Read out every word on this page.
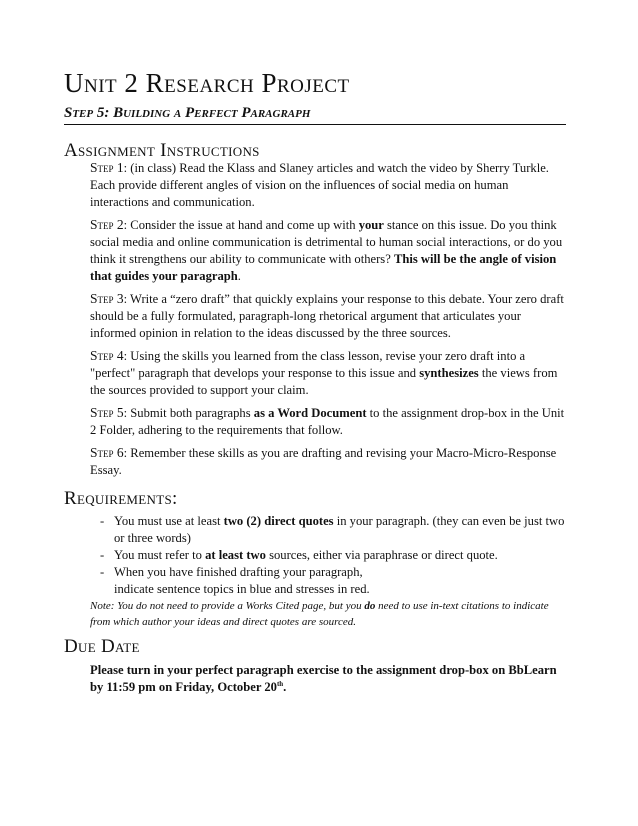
Unit 2 Research Project
Step 5: Building a Perfect Paragraph
Assignment Instructions

Step 1: (in class) Read the Klass and Slaney articles and watch the video by Sherry Turkle. Each provide different angles of vision on the influences of social media on human interactions and communication.

Step 2: Consider the issue at hand and come up with your stance on this issue. Do you think social media and online communication is detrimental to human social interactions, or do you think it strengthens our ability to communicate with others? This will be the angle of vision that guides your paragraph.

Step 3: Write a “zero draft” that quickly explains your response to this debate. Your zero draft should be a fully formulated, paragraph-long rhetorical argument that articulates your informed opinion in relation to the ideas discussed by the three sources.

Step 4: Using the skills you learned from the class lesson, revise your zero draft into a "perfect" paragraph that develops your response to this issue and synthesizes the views from the sources provided to support your claim.

Step 5: Submit both paragraphs as a Word Document to the assignment drop-box in the Unit 2 Folder, adhering to the requirements that follow.

Step 6: Remember these skills as you are drafting and revising your Macro-Micro-Response Essay.

Requirements:
- You must use at least two (2) direct quotes in your paragraph. (they can even be just two or three words)
- You must refer to at least two sources, either via paraphrase or direct quote.
- When you have finished drafting your paragraph, indicate sentence topics in blue and stresses in red.

Note: You do not need to provide a Works Cited page, but you do need to use in-text citations to indicate from which author your ideas and direct quotes are sourced.

Due Date

Please turn in your perfect paragraph exercise to the assignment drop-box on BbLearn by 11:59 pm on Friday, October 20th.
